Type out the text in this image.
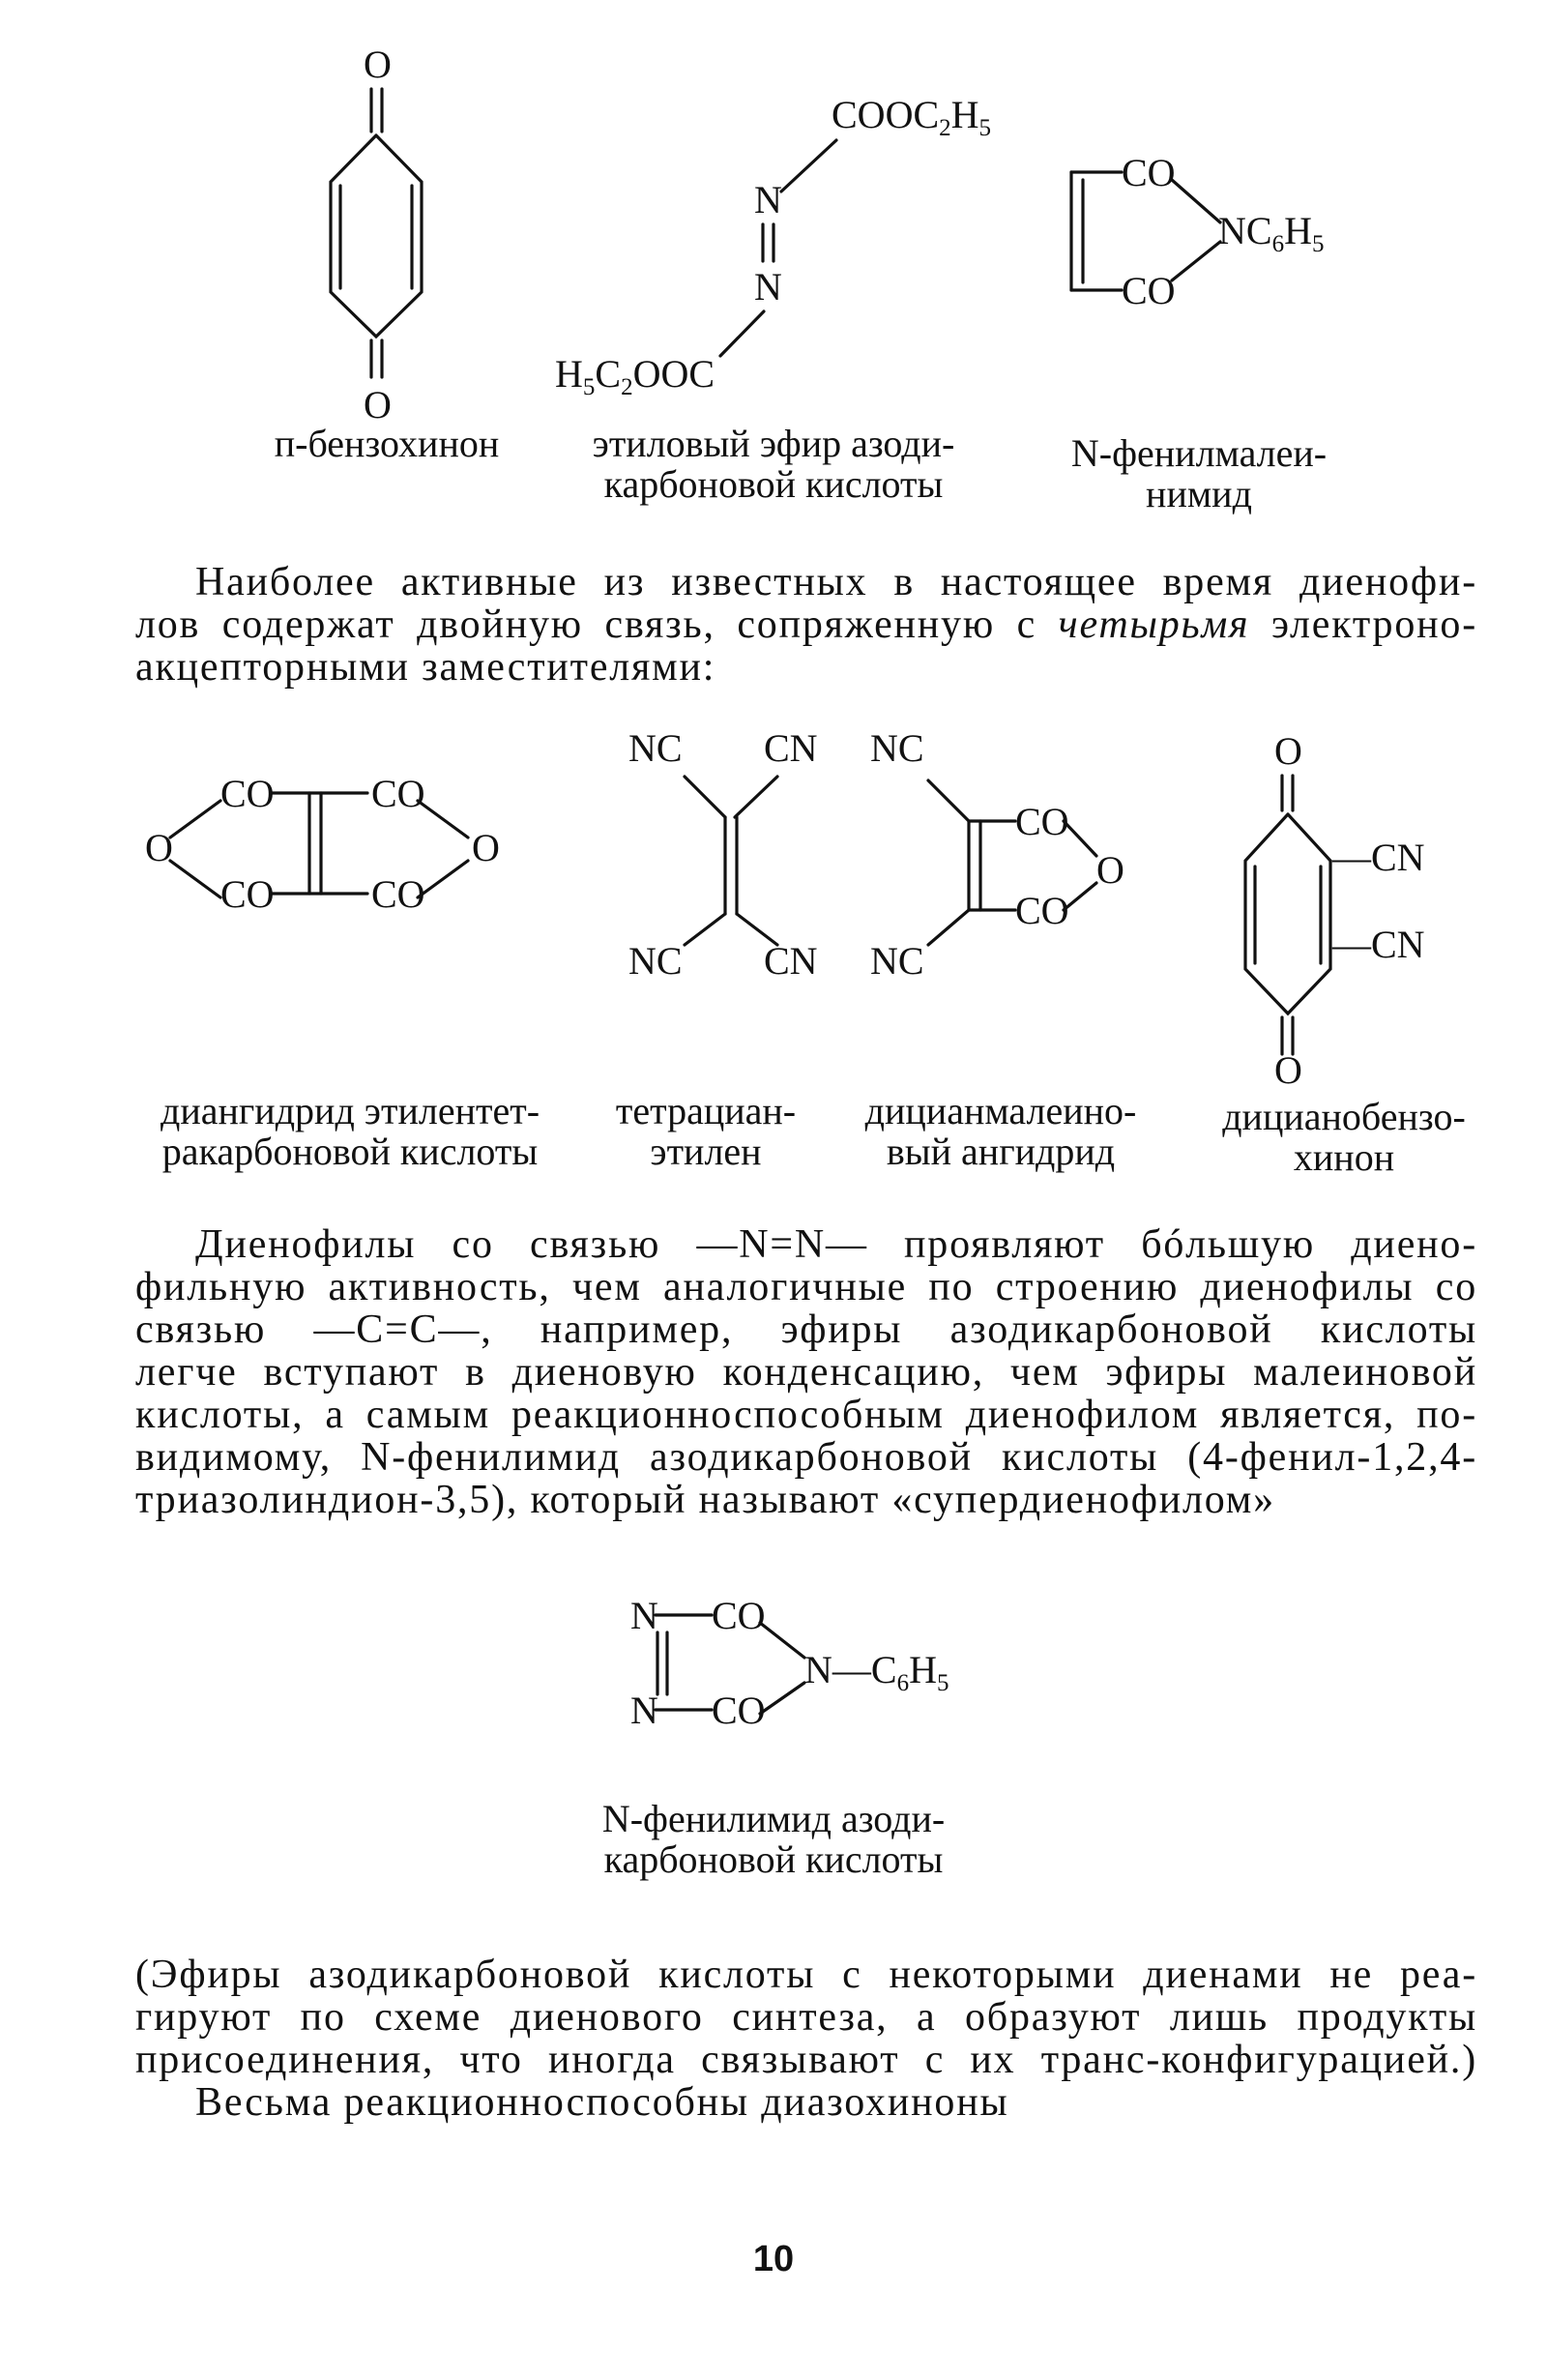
O
O
п-бензохинон
$COOC_2H_5$
N
N
$H_5C_2OOC$
этиловый эфир азоди-
карбоновой кислоты
CO
CO
$NC_6H_5$
N-фенилмалеи-
нимид
Наиболее активные из известных в настоящее время диенофи-
лов содержат двойную связь, сопряженную с четырьмя электроно-
акцепторными заместителями:
CO	CO
CO	CO
O	O
диангидрид этилентет-
ракарбоновой кислоты
NC CN
NC CN
тетрациан-
этилен
NC
NC
CO
CO
O
дицианмалеино-
вый ангидрид
O
O
—CN
—CN
дицианобензо-
хинон
Диенофилы со связью —N=N— проявляют бóльшую диено-
фильную активность, чем аналогичные по строению диенофилы со
связью —C=C—, например, эфиры азодикарбоновой кислоты
легче вступают в диеновую конденсацию, чем эфиры малеиновой
кислоты, а самым реакционноспособным диенофилом является, по-
видимому, N-фенилимид азодикарбоновой кислоты (4-фенил-1,2,4-
триазолиндион-3,5), который называют «супердиенофилом»
N
N
CO
CO
$N—C_6H_5$
N-фенилимид азоди-
карбоновой кислоты
(Эфиры азодикарбоновой кислоты с некоторыми диенами не реа-
гируют по схеме диенового синтеза, а образуют лишь продукты
присоединения, что иногда связывают с их транс-конфигурацией.)
Весьма реакционноспособны диазохиноны
10
